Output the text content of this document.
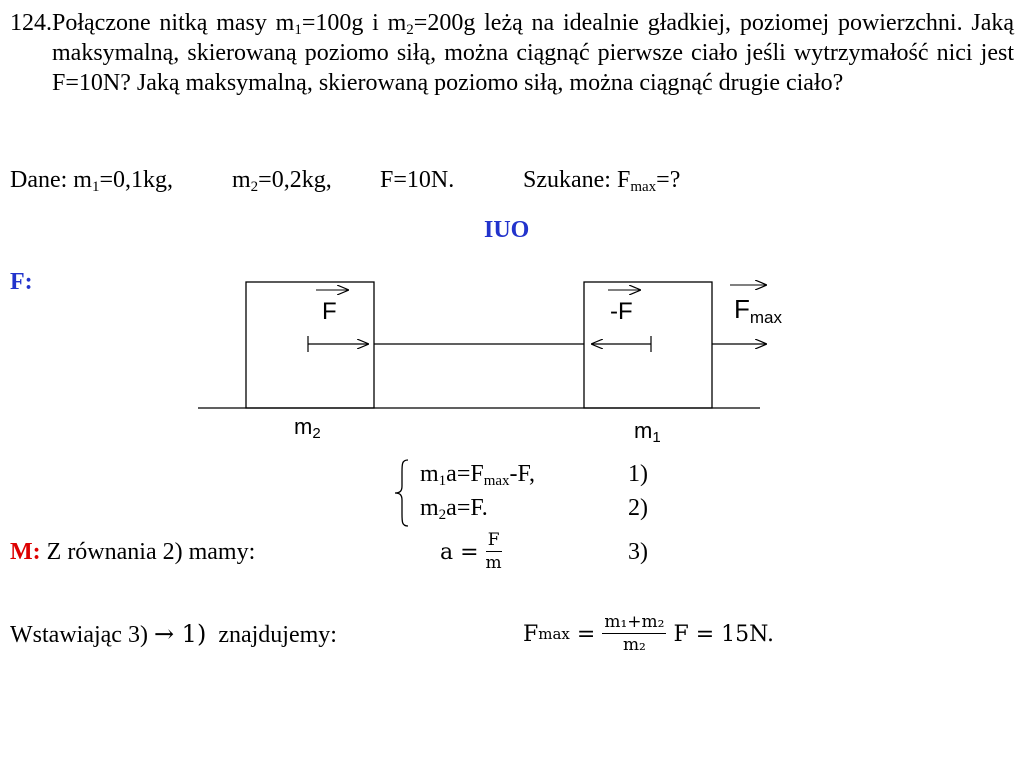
124. Połączone nitką masy $m_1=100g$ i $m_2=200g$ leżą na idealnie gładkiej, poziomej powierzchni. Jaką maksymalną, skierowaną poziomo siłą, można ciągnąć pierwsze ciało jeśli wytrzymałość nici jest F=10N? Jaką maksymalną, skierowaną poziomo siłą, można ciągnąć drugie ciało?
Dane: $m_1=0,1kg$, $m_2=0,2kg$, F=10N.	Szukane: $F_{max}=$?
IUO
F:
F	-F	$F_{max}$
$m_2$	$m_1$
$m_1a=F_{max}-F$,	1)
$m_2a=F$.	2)
M: Z równania 2) mamy:	a =
$\frac{F}{m}$	3)
Wstawiając 3) → 1) znajdujemy:	F max
=
$\frac{\text{m₁+m₂}}{\text{m₂}}$
F = 15N.
